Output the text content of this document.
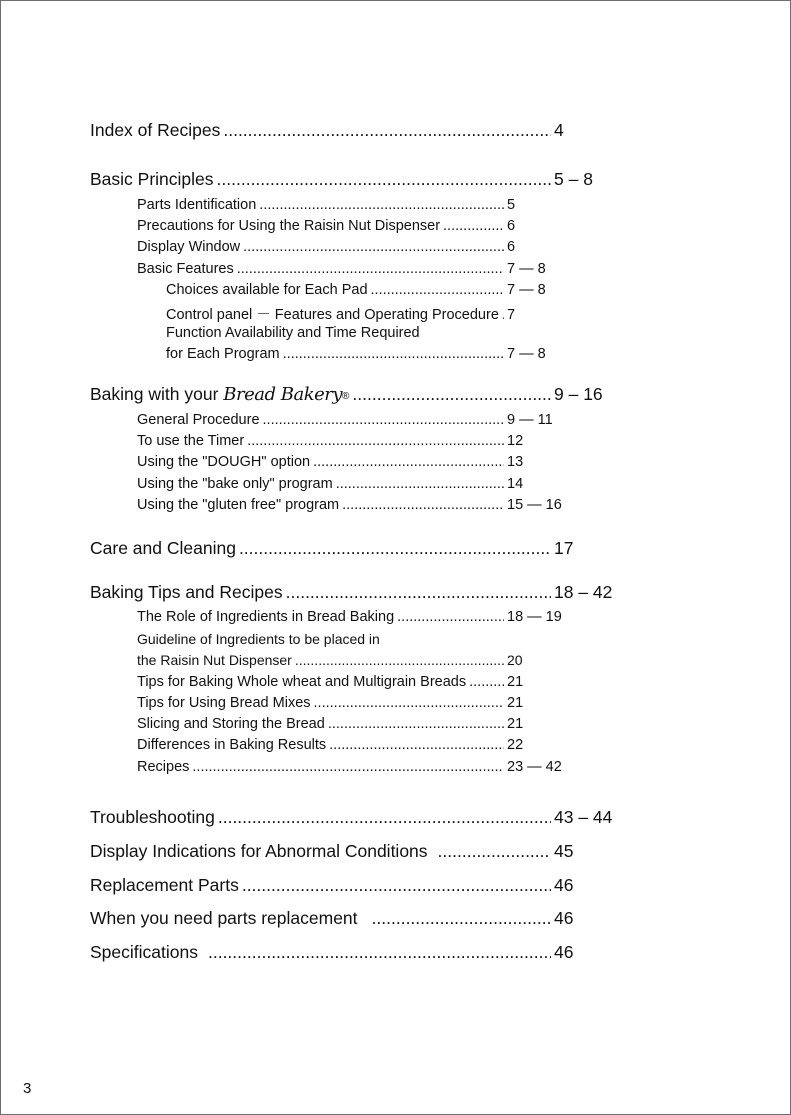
Index of Recipes .....	4
Basic Principles .....	5 – 8
Parts Identification .....	5
Precautions for Using the Raisin Nut Dispenser .....	6
Display Window .....	6
Basic Features .....	7 — 8
Choices available for Each Pad .....	7 — 8
Control panel － Features and Operating Procedure ..... 7
Function Availability and Time Required
for Each Program .....	7 — 8
Baking with your Bread Bakery® .....	9 – 16
General Procedure .....	9 — 11
To use the Timer .....	12
Using the "DOUGH" option .....	13
Using the "bake only" program .....	14
Using the "gluten free" program .....	15 — 16
Care and Cleaning .....	17
Baking Tips and Recipes .....	18 – 42
The Role of Ingredients in Bread Baking .....	18 — 19
Guideline of Ingredients to be placed in
the Raisin Nut Dispenser .....	20
Tips for Baking Whole wheat and Multigrain Breads .....	21
Tips for Using Bread Mixes .....	21
Slicing and Storing the Bread .....	21
Differences in Baking Results .....	22
Recipes .....	23 — 42
Troubleshooting .....	43 – 44
Display Indications for Abnormal Conditions .....	45
Replacement Parts .....	46
When you need parts replacement .....	46
Specifications .....	46
3
